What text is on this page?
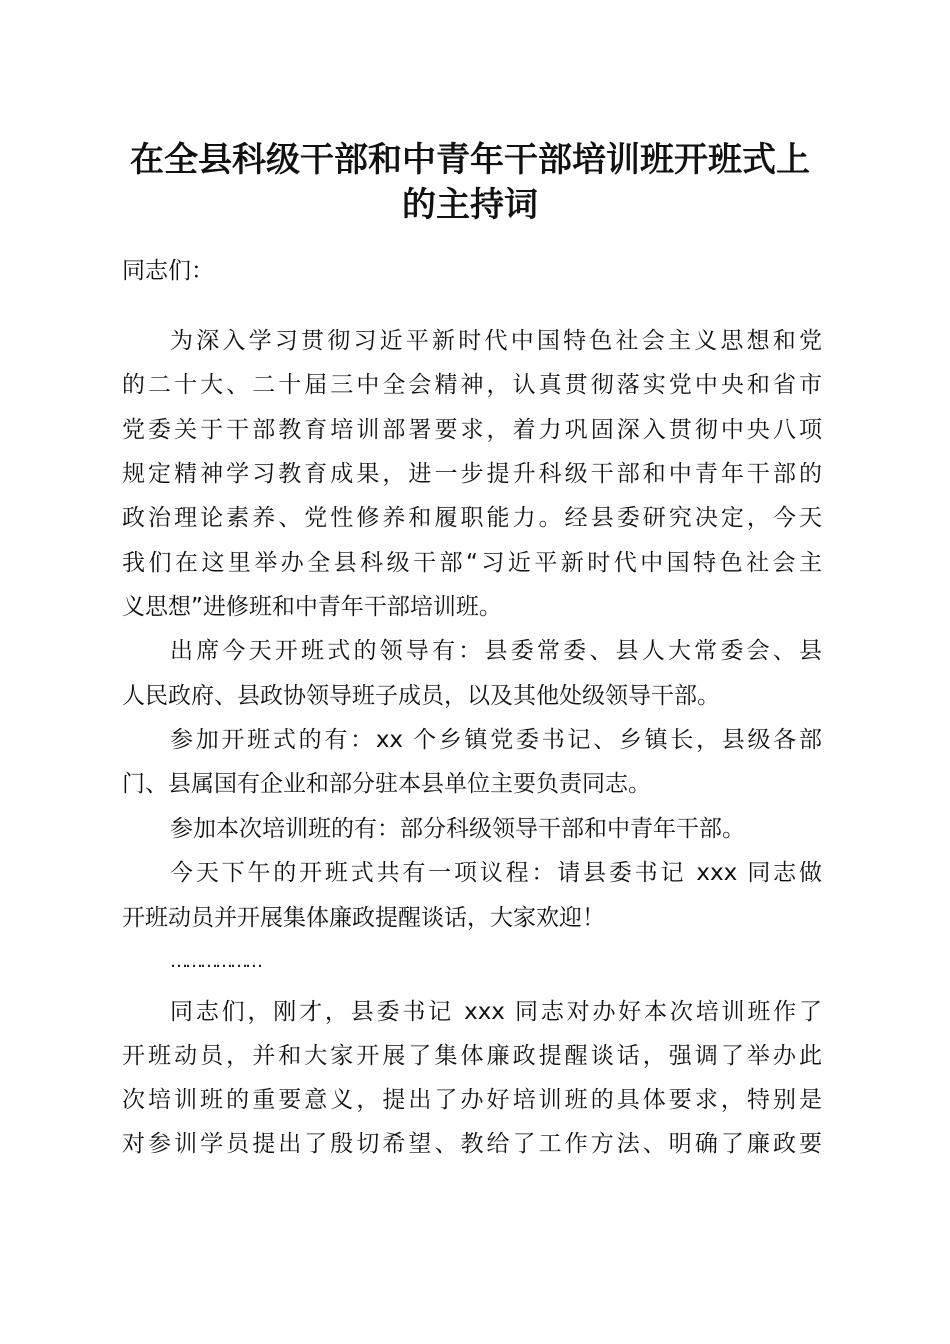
在全县科级干部和中青年干部培训班开班式上
的主持词
同志们：
为深入学习贯彻习近平新时代中国特色社会主义思想和党
的二十大、二十届三中全会精神，认真贯彻落实党中央和省市
党委关于干部教育培训部署要求，着力巩固深入贯彻中央八项
规定精神学习教育成果，进一步提升科级干部和中青年干部的
政治理论素养、党性修养和履职能力。经县委研究决定，今天
我们在这里举办全县科级干部“习近平新时代中国特色社会主
义思想”进修班和中青年干部培训班。
出席今天开班式的领导有：县委常委、县人大常委会、县
人民政府、县政协领导班子成员，以及其他处级领导干部。
参加开班式的有：xx 个乡镇党委书记、乡镇长，县级各部
门、县属国有企业和部分驻本县单位主要负责同志。
参加本次培训班的有：部分科级领导干部和中青年干部。
今天下午的开班式共有一项议程：请县委书记 xxx 同志做
开班动员并开展集体廉政提醒谈话，大家欢迎！
………………
同志们，刚才，县委书记 xxx 同志对办好本次培训班作了
开班动员，并和大家开展了集体廉政提醒谈话，强调了举办此
次培训班的重要意义，提出了办好培训班的具体要求，特别是
对参训学员提出了殷切希望、教给了工作方法、明确了廉政要
